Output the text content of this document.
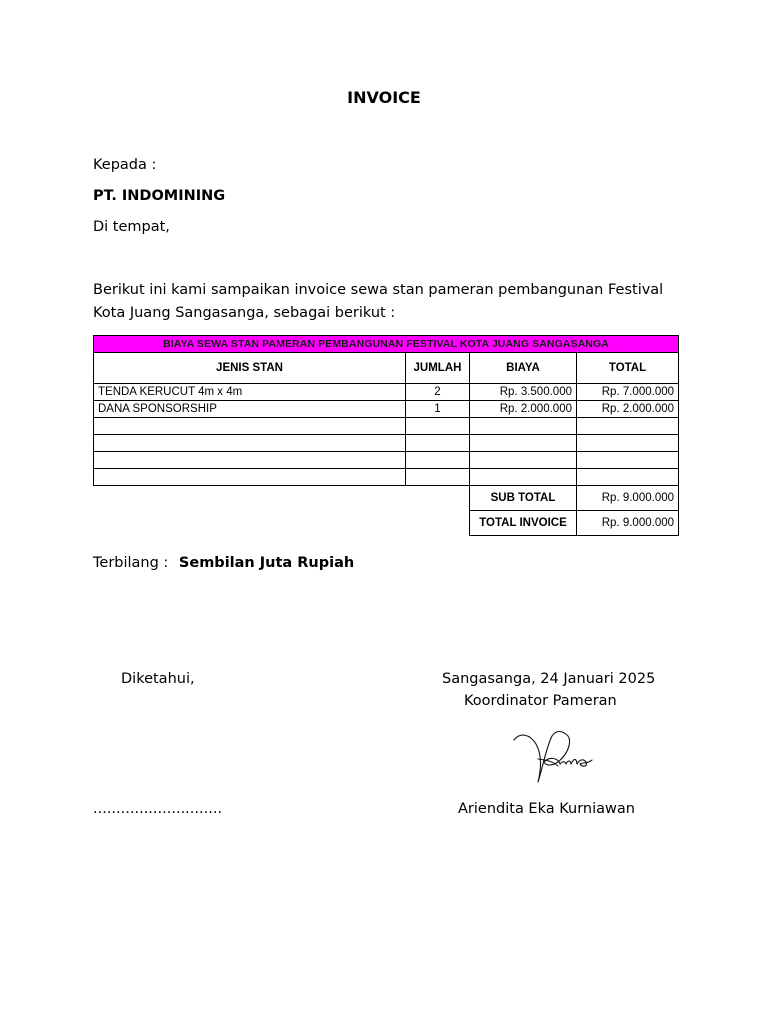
INVOICE
Kepada :
PT. INDOMINING
Di tempat,
Berikut ini kami sampaikan invoice sewa stan pameran pembangunan Festival
Kota Juang Sangasanga, sebagai berikut :
BIAYA SEWA STAN PAMERAN PEMBANGUNAN FESTIVAL KOTA JUANG SANGASANGA			
JENIS STAN	JUMLAH	BIAYA	TOTAL
TENDA KERUCUT 4m x 4m	2	Rp. 3.500.000	Rp. 7.000.000
DANA SPONSORSHIP	1	Rp. 2.000.000	Rp. 2.000.000

		SUB TOTAL	Rp. 9.000.000
		TOTAL INVOICE	Rp. 9.000.000
Terbilang : Sembilan Juta Rupiah
Diketahui,
............................
Sangasanga, 24 Januari 2025
Koordinator Pameran
Ariendita Eka Kurniawan
